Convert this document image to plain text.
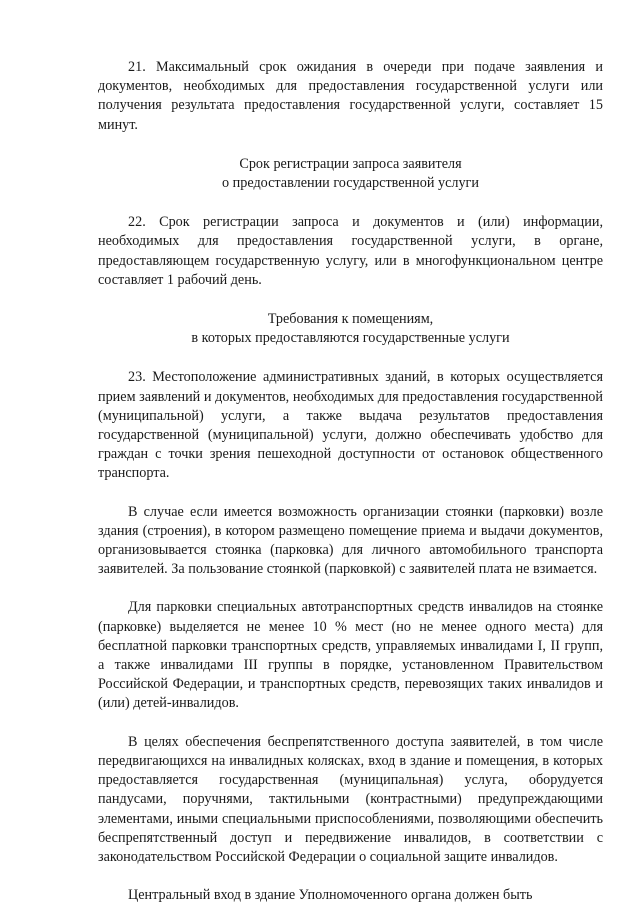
21. Максимальный срок ожидания в очереди при подаче заявления и документов, необходимых для предоставления государственной услуги или получения результата предоставления государственной услуги, составляет 15 минут.

Срок регистрации запроса заявителя
о предоставлении государственной услуги

22. Срок регистрации запроса и документов и (или) информации, необходимых для предоставления государственной услуги, в органе, предоставляющем государственную услугу, или в многофункциональном центре составляет 1 рабочий день.

Требования к помещениям,
в которых предоставляются государственные услуги

23. Местоположение административных зданий, в которых осуществляется прием заявлений и документов, необходимых для предоставления государственной (муниципальной) услуги, а также выдача результатов предоставления государственной (муниципальной) услуги, должно обеспечивать удобство для граждан с точки зрения пешеходной доступности от остановок общественного транспорта.

В случае если имеется возможность организации стоянки (парковки) возле здания (строения), в котором размещено помещение приема и выдачи документов, организовывается стоянка (парковка) для личного автомобильного транспорта заявителей. За пользование стоянкой (парковкой) с заявителей плата не взимается.

Для парковки специальных автотранспортных средств инвалидов на стоянке (парковке) выделяется не менее 10 % мест (но не менее одного места) для бесплатной парковки транспортных средств, управляемых инвалидами I, II групп, а также инвалидами III группы в порядке, установленном Правительством Российской Федерации, и транспортных средств, перевозящих таких инвалидов и (или) детей-инвалидов.

В целях обеспечения беспрепятственного доступа заявителей, в том числе передвигающихся на инвалидных колясках, вход в здание и помещения, в которых предоставляется государственная (муниципальная) услуга, оборудуется пандусами, поручнями, тактильными (контрастными) предупреждающими элементами, иными специальными приспособлениями, позволяющими обеспечить беспрепятственный доступ и передвижение инвалидов, в соответствии с законодательством Российской Федерации о социальной защите инвалидов.

Центральный вход в здание Уполномоченного органа должен быть
